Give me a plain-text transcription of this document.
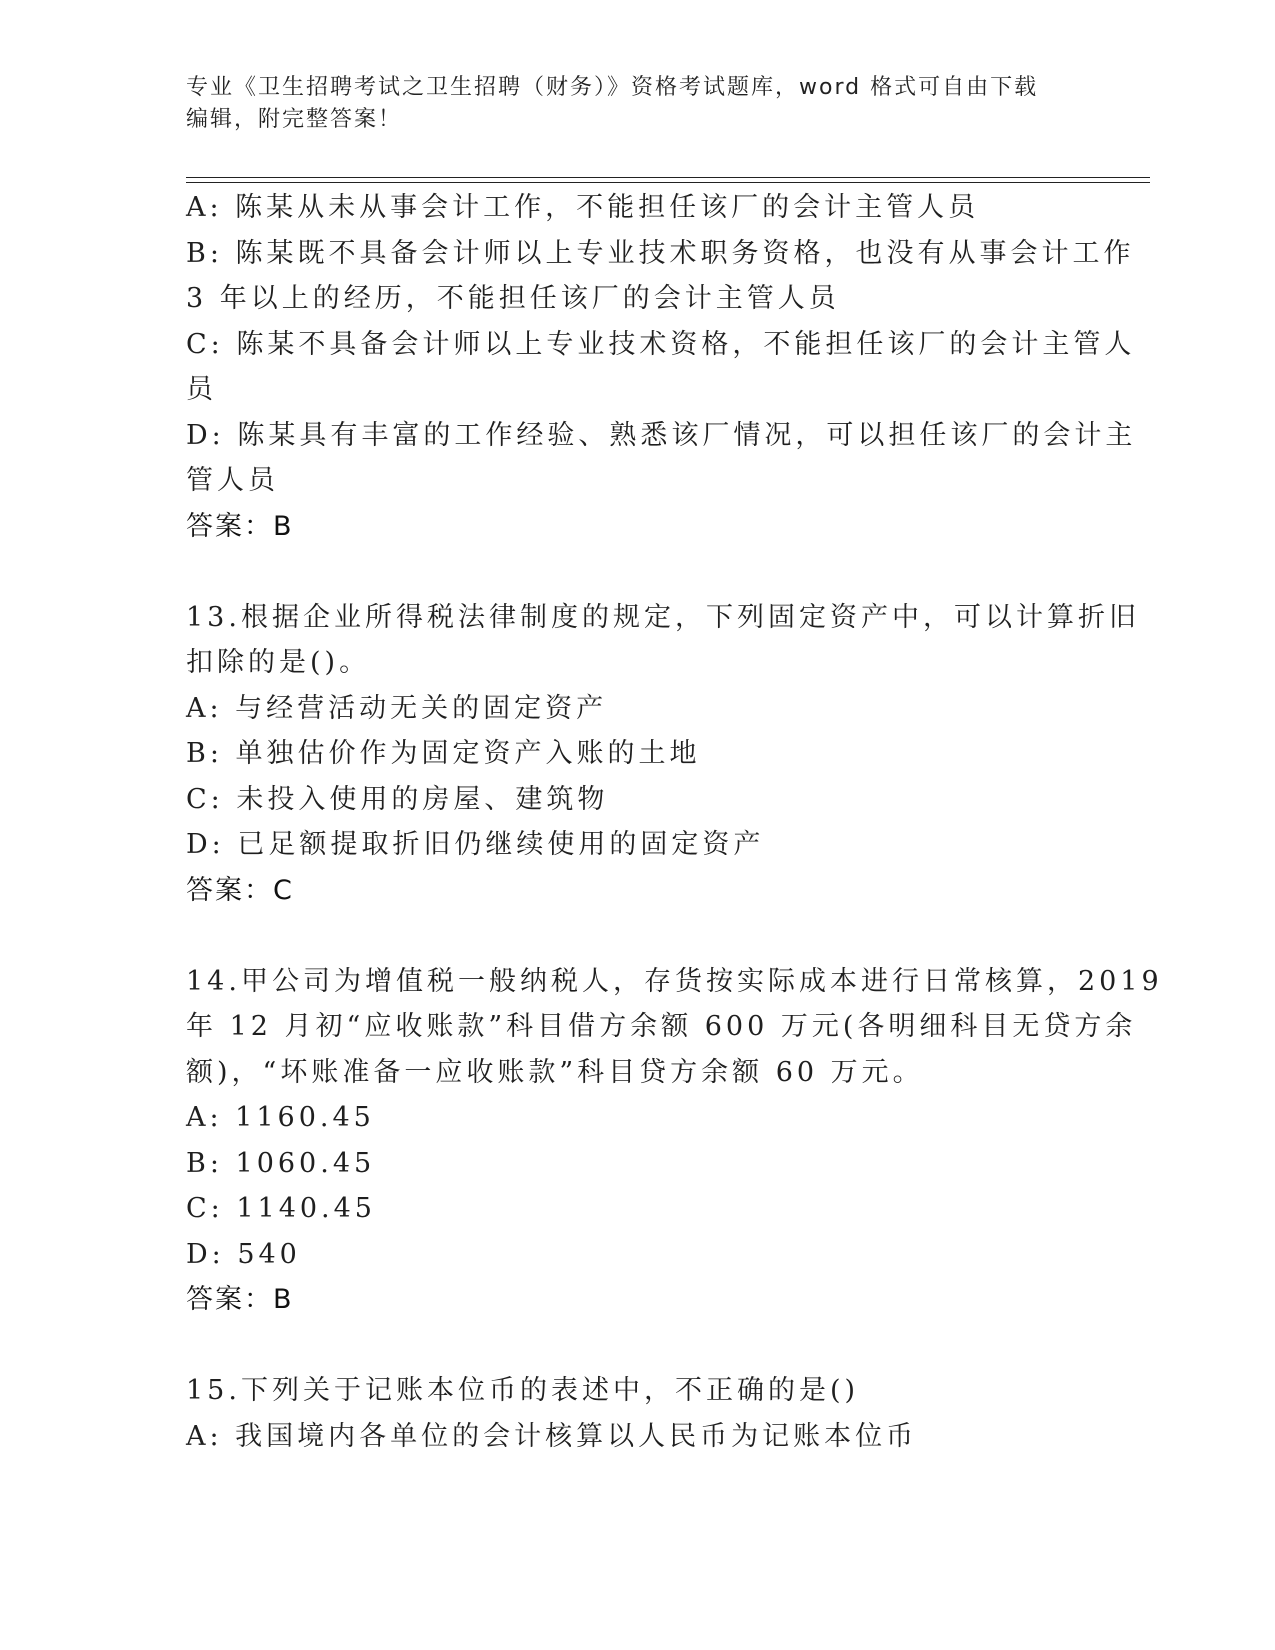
专业《卫生招聘考试之卫生招聘（财务）》资格考试题库，word 格式可自由下载
编辑，附完整答案！
A: 陈某从未从事会计工作，不能担任该厂的会计主管人员
B: 陈某既不具备会计师以上专业技术职务资格，也没有从事会计工作
3 年以上的经历，不能担任该厂的会计主管人员
C: 陈某不具备会计师以上专业技术资格，不能担任该厂的会计主管人
员
D: 陈某具有丰富的工作经验、熟悉该厂情况，可以担任该厂的会计主
管人员
答案：B
13.根据企业所得税法律制度的规定，下列固定资产中，可以计算折旧
扣除的是()。
A: 与经营活动无关的固定资产
B: 单独估价作为固定资产入账的土地
C: 未投入使用的房屋、建筑物
D: 已足额提取折旧仍继续使用的固定资产
答案：C
14.甲公司为增值税一般纳税人，存货按实际成本进行日常核算，2019
年 12 月初“应收账款”科目借方余额 600 万元(各明细科目无贷方余
额)，“坏账准备一应收账款”科目贷方余额 60 万元。
A: 1160.45
B: 1060.45
C: 1140.45
D: 540
答案：B
15.下列关于记账本位币的表述中，不正确的是()
A: 我国境内各单位的会计核算以人民币为记账本位币
